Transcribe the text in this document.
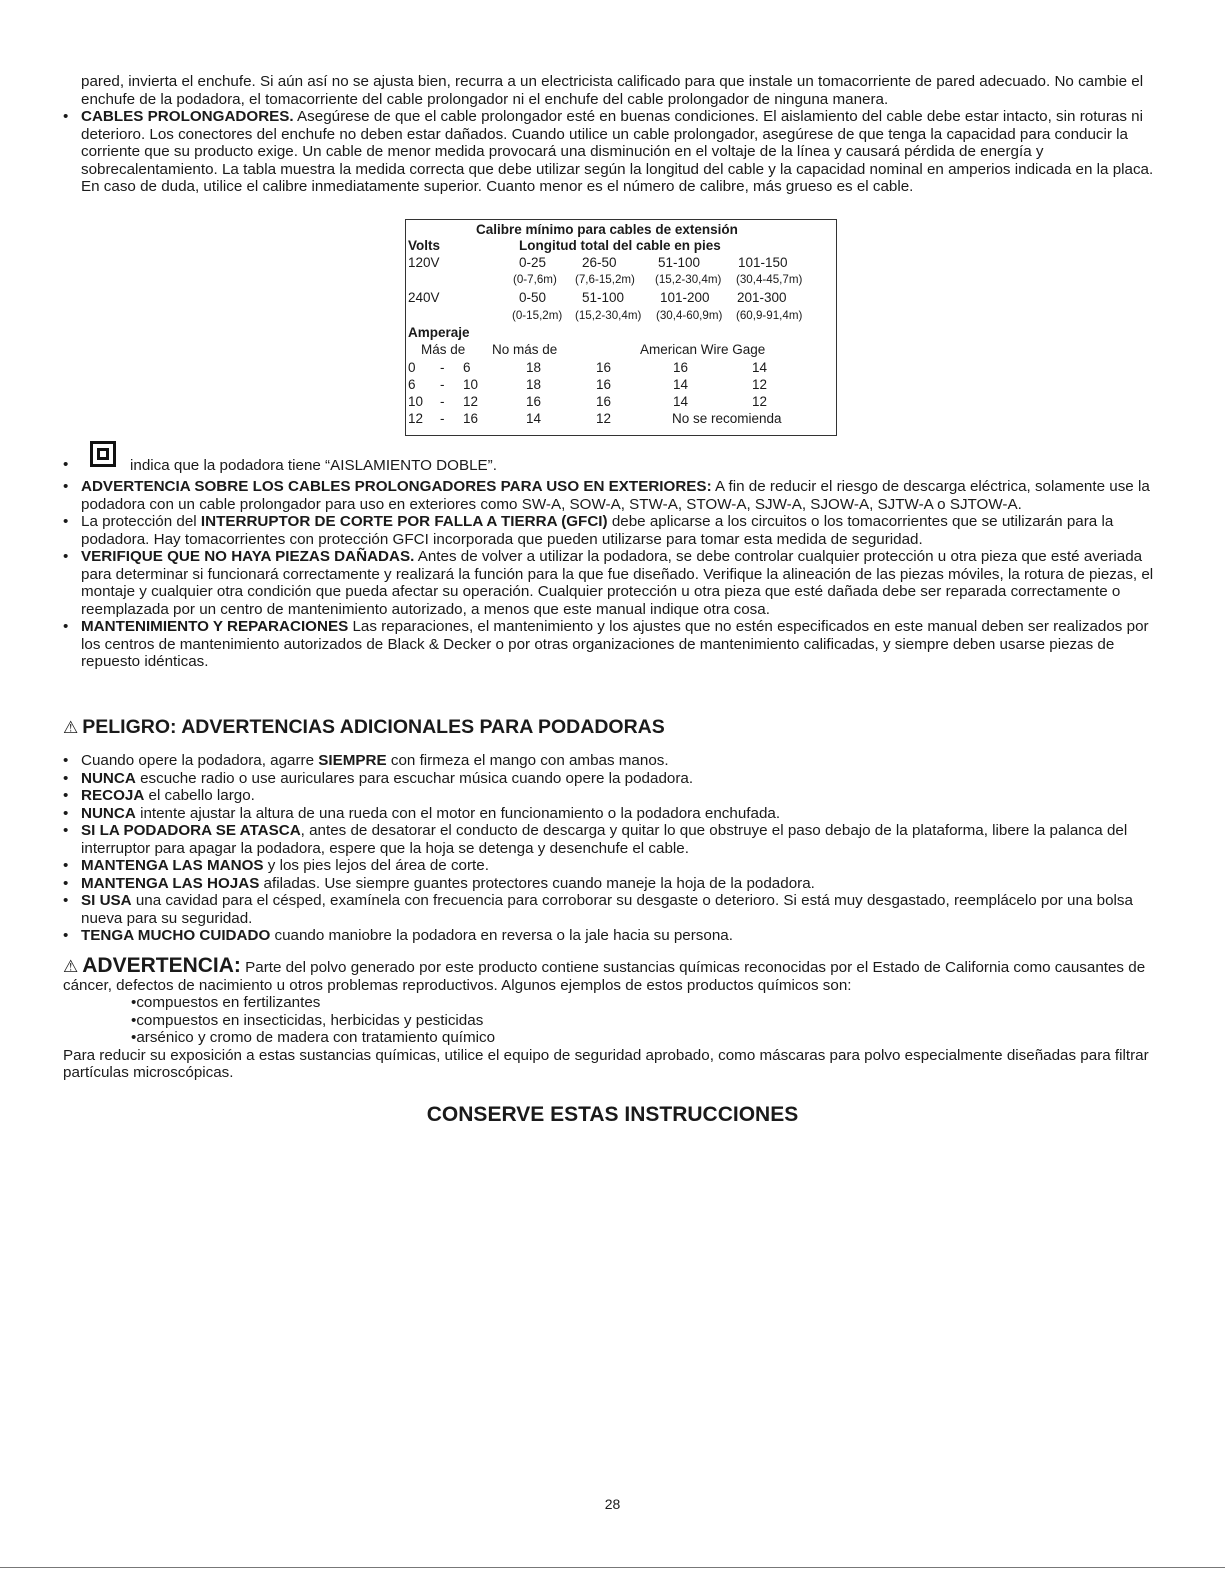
pared, invierta el enchufe. Si aún así no se ajusta bien, recurra a un electricista calificado para que instale un tomacorriente de pared adecuado. No cambie el enchufe de la podadora, el tomacorriente del cable prolongador ni el enchufe del cable prolongador de ninguna manera.
• CABLES PROLONGADORES. Asegúrese de que el cable prolongador esté en buenas condiciones. El aislamiento del cable debe estar intacto, sin roturas ni deterioro. Los conectores del enchufe no deben estar dañados. Cuando utilice un cable prolongador, asegúrese de que tenga la capacidad para conducir la corriente que su producto exige. Un cable de menor medida provocará una disminución en el voltaje de la línea y causará pérdida de energía y sobrecalentamiento. La tabla muestra la medida correcta que debe utilizar según la longitud del cable y la capacidad nominal en amperios indicada en la placa. En caso de duda, utilice el calibre inmediatamente superior. Cuanto menor es el número de calibre, más grueso es el cable.
Calibre mínimo para cables de extensión
Volts	Longitud total del cable en pies
120V	0-25	26-50	51-100	101-150
(0-7,6m) (7,6-15,2m) (15,2-30,4m) (30,4-45,7m)
240V	0-50	51-100	101-200 201-300
(0-15,2m) (15,2-30,4m) (30,4-60,9m) (60,9-91,4m)
Amperaje
Más de No más de	American Wire Gage
0 - 6	18	16	16	14
6 - 10	18	16	14	12
10 - 12	16	16	14	12
12 - 16	14	12	No se recomienda
•	indica que la podadora tiene “AISLAMIENTO DOBLE”.
• ADVERTENCIA SOBRE LOS CABLES PROLONGADORES PARA USO EN EXTERIORES: A fin de reducir el riesgo de descarga eléctrica, solamente use la podadora con un cable prolongador para uso en exteriores como SW-A, SOW-A, STW-A, STOW-A, SJW-A, SJOW-A, SJTW-A o SJTOW-A.
• La protección del INTERRUPTOR DE CORTE POR FALLA A TIERRA (GFCI) debe aplicarse a los circuitos o los tomacorrientes que se utilizarán para la podadora. Hay tomacorrientes con protección GFCI incorporada que pueden utilizarse para tomar esta medida de seguridad.
• VERIFIQUE QUE NO HAYA PIEZAS DAÑADAS. Antes de volver a utilizar la podadora, se debe controlar cualquier protección u otra pieza que esté averiada para determinar si funcionará correctamente y realizará la función para la que fue diseñado. Verifique la alineación de las piezas móviles, la rotura de piezas, el montaje y cualquier otra condición que pueda afectar su operación. Cualquier protección u otra pieza que esté dañada debe ser reparada correctamente o reemplazada por un centro de mantenimiento autorizado, a menos que este manual indique otra cosa.
• MANTENIMIENTO Y REPARACIONES Las reparaciones, el mantenimiento y los ajustes que no estén especificados en este manual deben ser realizados por los centros de mantenimiento autorizados de Black & Decker o por otras organizaciones de mantenimiento calificadas, y siempre deben usarse piezas de repuesto idénticas.
⚠ PELIGRO: ADVERTENCIAS ADICIONALES PARA PODADORAS
• Cuando opere la podadora, agarre SIEMPRE con firmeza el mango con ambas manos.
• NUNCA escuche radio o use auriculares para escuchar música cuando opere la podadora.
• RECOJA el cabello largo.
• NUNCA intente ajustar la altura de una rueda con el motor en funcionamiento o la podadora enchufada.
• SI LA PODADORA SE ATASCA, antes de desatorar el conducto de descarga y quitar lo que obstruye el paso debajo de la plataforma, libere la palanca del interruptor para apagar la podadora, espere que la hoja se detenga y desenchufe el cable.
• MANTENGA LAS MANOS y los pies lejos del área de corte.
• MANTENGA LAS HOJAS afiladas. Use siempre guantes protectores cuando maneje la hoja de la podadora.
• SI USA una cavidad para el césped, examínela con frecuencia para corroborar su desgaste o deterioro. Si está muy desgastado, reemplácelo por una bolsa nueva para su seguridad.
• TENGA MUCHO CUIDADO cuando maniobre la podadora en reversa o la jale hacia su persona.
⚠ ADVERTENCIA: Parte del polvo generado por este producto contiene sustancias químicas reconocidas por el Estado de California como causantes de cáncer, defectos de nacimiento u otros problemas reproductivos. Algunos ejemplos de estos productos químicos son:
• compuestos en fertilizantes
• compuestos en insecticidas, herbicidas y pesticidas
• arsénico y cromo de madera con tratamiento químico
Para reducir su exposición a estas sustancias químicas, utilice el equipo de seguridad aprobado, como máscaras para polvo especialmente diseñadas para filtrar partículas microscópicas.
CONSERVE ESTAS INSTRUCCIONES
28
